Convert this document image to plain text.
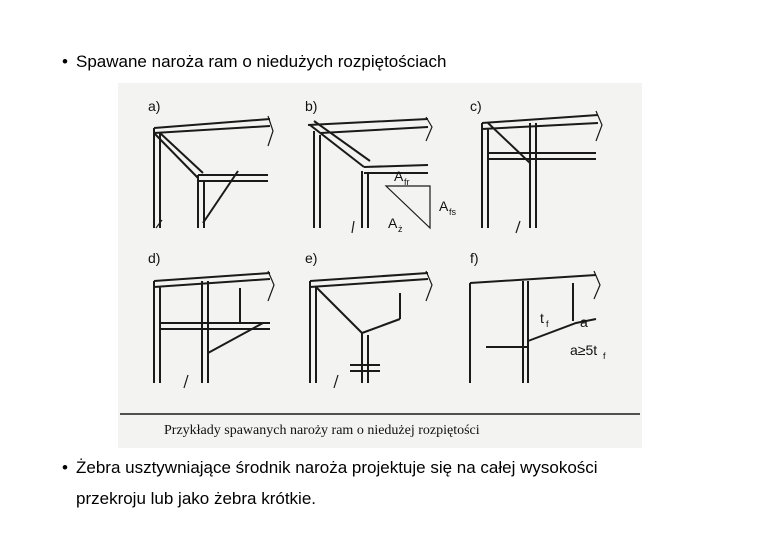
• Spawane naroża ram o niedużych rozpiętościach
a)	b)
A fr
A fs
A ż
c)
d)	e)	f)
t f a
a≥5t f
Przykłady spawanych naroży ram o niedużej rozpiętości
• Żebra usztywniające środnik naroża projektuje się na całej wysokości
przekroju lub jako żebra krótkie.
